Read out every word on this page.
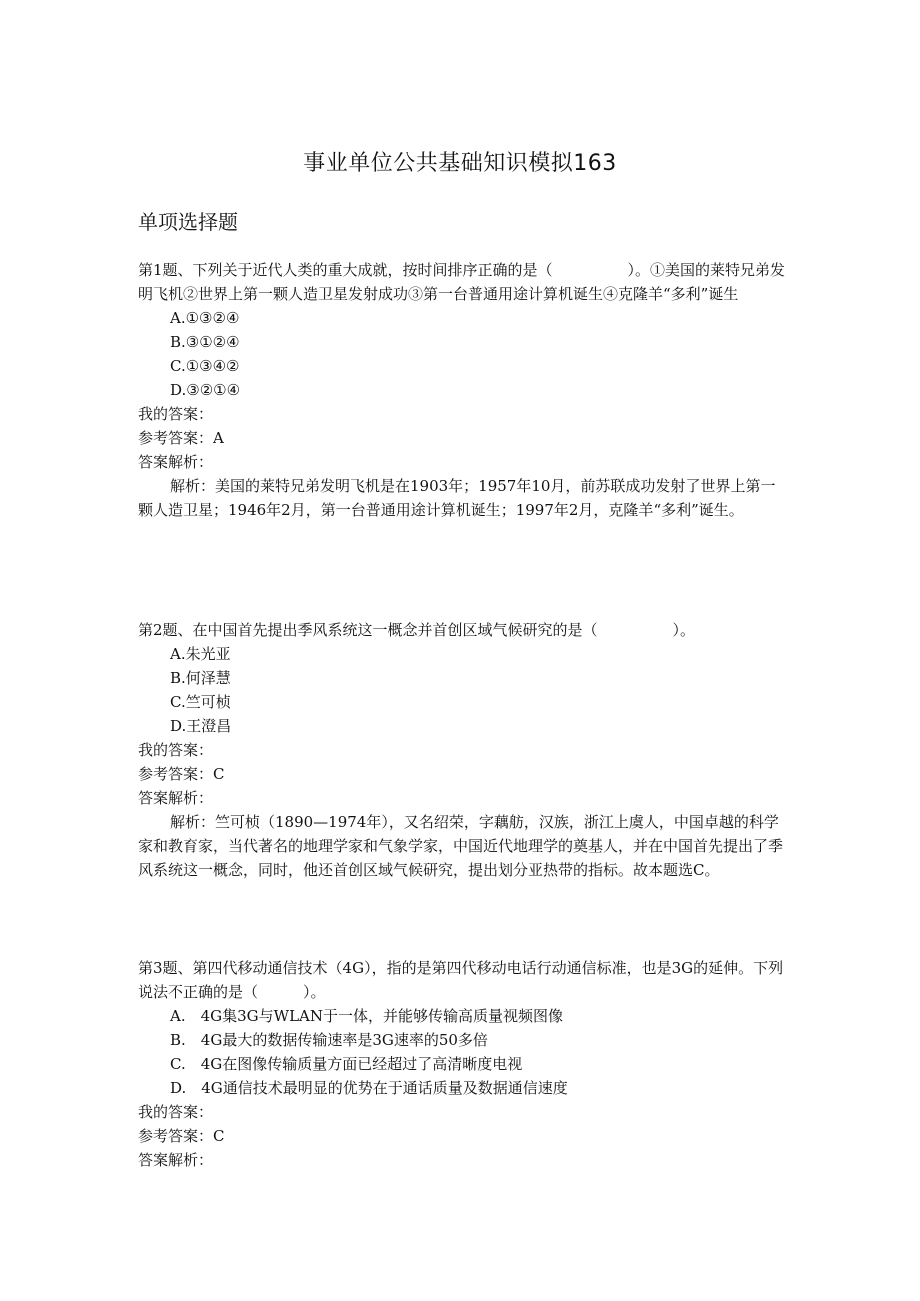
事业单位公共基础知识模拟163
单项选择题

第1题、下列关于近代人类的重大成就，按时间排序正确的是（　　　　　）。①美国的莱特兄弟发明飞机②世界上第一颗人造卫星发射成功③第一台普通用途计算机诞生④克隆羊“多利”诞生

A.①③②④
B.③①②④
C.①③④②
D.③②①④

我的答案：

参考答案：A

答案解析：

解析：美国的莱特兄弟发明飞机是在1903年；1957年10月，前苏联成功发射了世界上第一颗人造卫星；1946年2月，第一台普通用途计算机诞生；1997年2月，克隆羊“多利”诞生。

第2题、在中国首先提出季风系统这一概念并首创区域气候研究的是（　　　　　）。

A.朱光亚
B.何泽慧
C.竺可桢
D.王澄昌

我的答案：

参考答案：C

答案解析：

解析：竺可桢（1890—1974年），又名绍荣，字藕舫，汉族，浙江上虞人，中国卓越的科学家和教育家，当代著名的地理学家和气象学家，中国近代地理学的奠基人，并在中国首先提出了季风系统这一概念，同时，他还首创区域气候研究，提出划分亚热带的指标。故本题选C。

第3题、第四代移动通信技术（4G），指的是第四代移动电话行动通信标准，也是3G的延伸。下列说法不正确的是（　　　）。

A.　4G集3G与WLAN于一体，并能够传输高质量视频图像
B.　4G最大的数据传输速率是3G速率的50多倍
C.　4G在图像传输质量方面已经超过了高清晰度电视
D.　4G通信技术最明显的优势在于通话质量及数据通信速度

我的答案：

参考答案：C

答案解析：
